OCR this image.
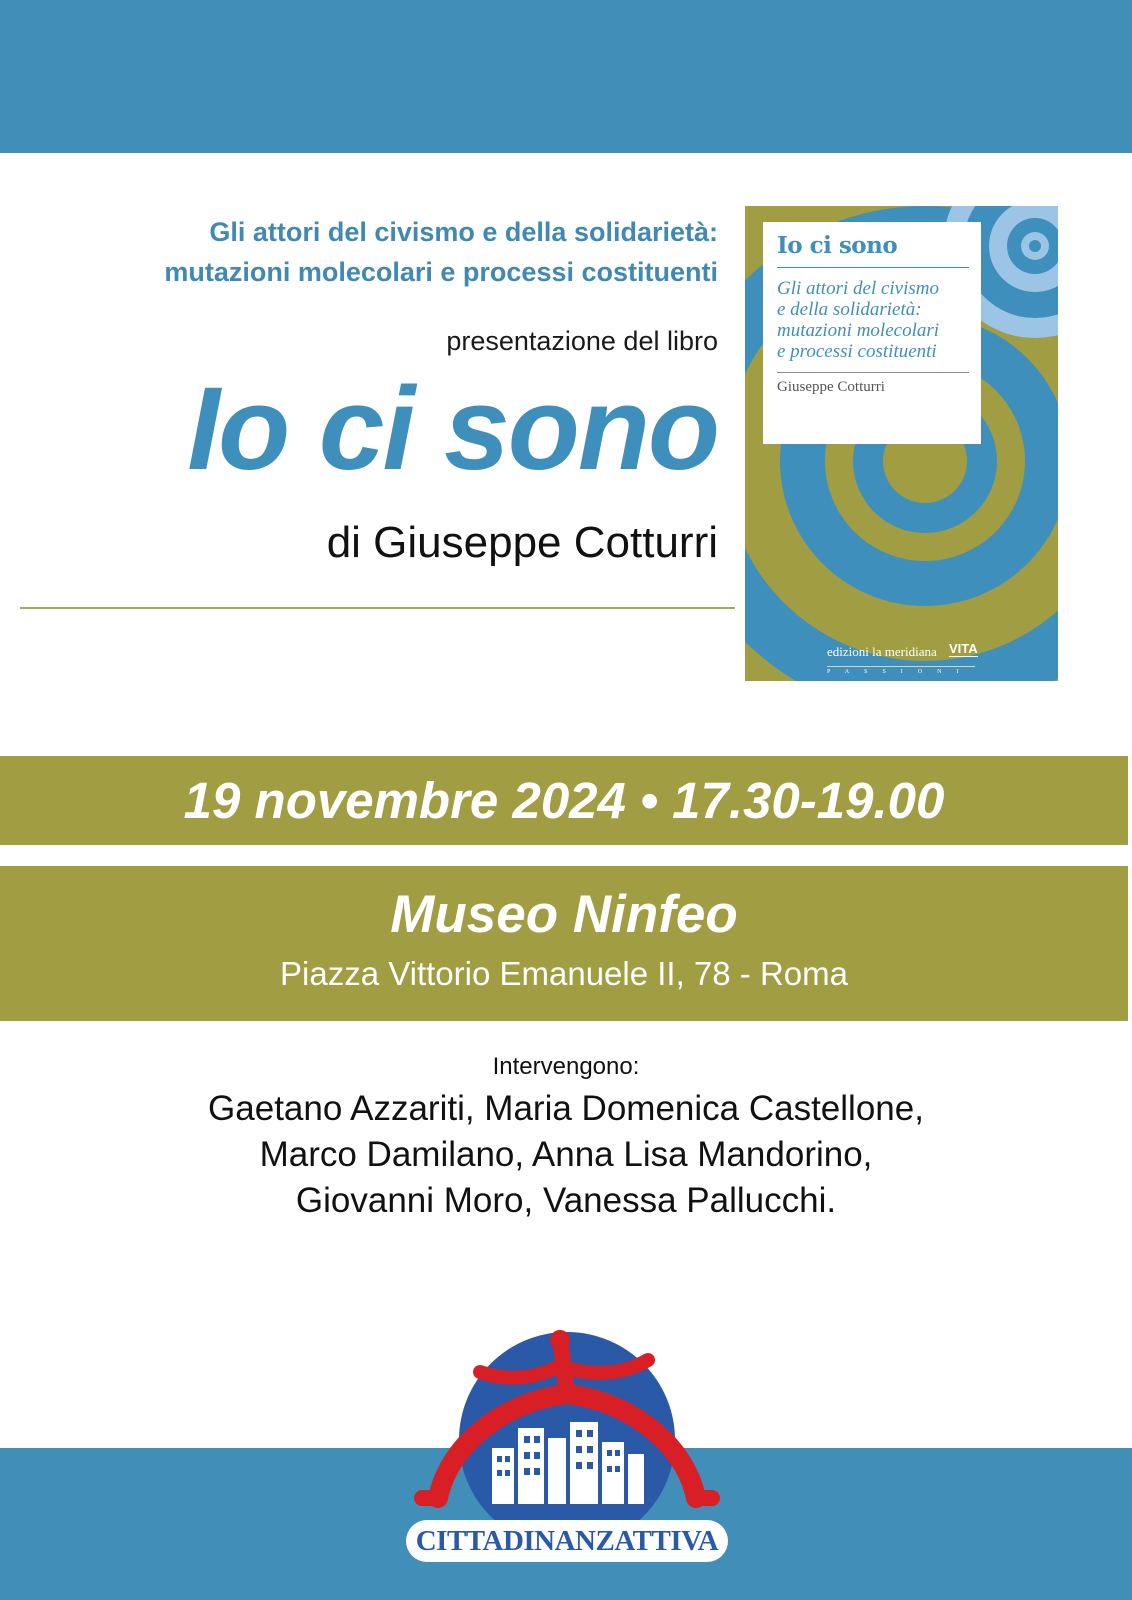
Gli attori del civismo e della solidarietà:
mutazioni molecolari e processi costituenti
presentazione del libro
Io ci sono
di Giuseppe Cotturri
Io ci sono
Gli attori del civismo
e della solidarietà:
mutazioni molecolari
e processi costituenti
Giuseppe Cotturri
edizioni la meridiana VITA
PASSIONI
19 novembre 2024 • 17.30-19.00
Museo Ninfeo
Piazza Vittorio Emanuele II, 78 - Roma
Intervengono:
Gaetano Azzariti, Maria Domenica Castellone,
Marco Damilano, Anna Lisa Mandorino,
Giovanni Moro, Vanessa Pallucchi.
CITTADINANZATTIVA
